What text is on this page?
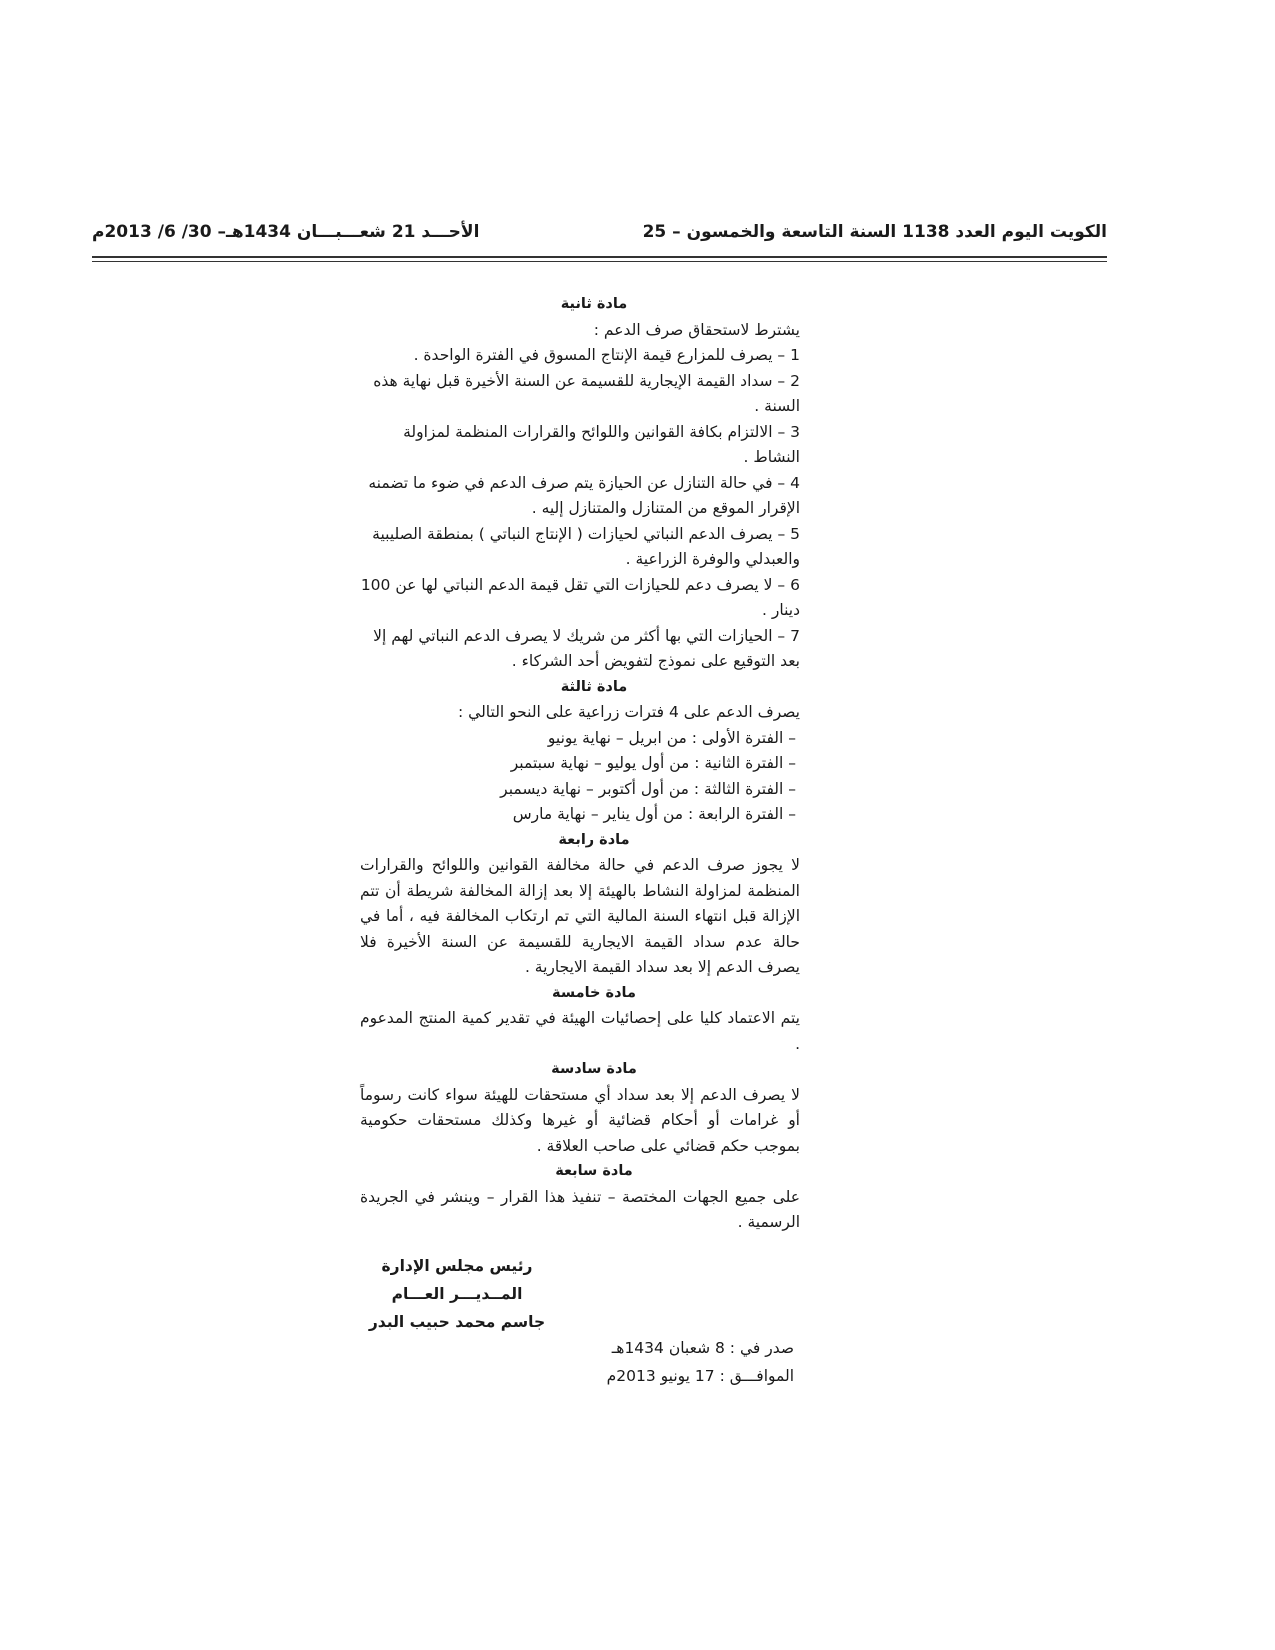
الكويت اليوم العدد 1138 السنة التاسعة والخمسون – 25
الأحـــد 21 شعـــبـــان 1434هـ– 30/ 6/ 2013م

مادة ثانية

يشترط لاستحقاق صرف الدعم :

1 – يصرف للمزارع قيمة الإنتاج المسوق في الفترة الواحدة .

2 – سداد القيمة الإيجارية للقسيمة عن السنة الأخيرة قبل نهاية هذه السنة .

3 – الالتزام بكافة القوانين واللوائح والقرارات المنظمة لمزاولة النشاط .

4 – في حالة التنازل عن الحيازة يتم صرف الدعم في ضوء ما تضمنه الإقرار الموقع من المتنازل والمتنازل إليه .

5 – يصرف الدعم النباتي لحيازات ( الإنتاج النباتي ) بمنطقة الصليبية والعبدلي والوفرة الزراعية .

6 – لا يصرف دعم للحيازات التي تقل قيمة الدعم النباتي لها عن 100 دينار .

7 – الحيازات التي بها أكثر من شريك لا يصرف الدعم النباتي لهم إلا بعد التوقيع على نموذج لتفويض أحد الشركاء .

مادة ثالثة

يصرف الدعم على 4 فترات زراعية على النحو التالي :

– الفترة الأولى : من ابريل – نهاية يونيو

– الفترة الثانية : من أول يوليو – نهاية سبتمبر

– الفترة الثالثة : من أول أكتوبر – نهاية ديسمبر

– الفترة الرابعة : من أول يناير – نهاية مارس

مادة رابعة

لا يجوز صرف الدعم في حالة مخالفة القوانين واللوائح والقرارات المنظمة لمزاولة النشاط بالهيئة إلا بعد إزالة المخالفة شريطة أن تتم الإزالة قبل انتهاء السنة المالية التي تم ارتكاب المخالفة فيه ، أما في حالة عدم سداد القيمة الايجارية للقسيمة عن السنة الأخيرة فلا يصرف الدعم إلا بعد سداد القيمة الايجارية .

مادة خامسة

يتم الاعتماد كليا على إحصائيات الهيئة في تقدير كمية المنتج المدعوم .

مادة سادسة

لا يصرف الدعم إلا بعد سداد أي مستحقات للهيئة سواء كانت رسوماً أو غرامات أو أحكام قضائية أو غيرها وكذلك مستحقات حكومية بموجب حكم قضائي على صاحب العلاقة .

مادة سابعة

على جميع الجهات المختصة – تنفيذ هذا القرار – وينشر في الجريدة الرسمية .

رئيس مجلس الإدارة
المــديـــر العـــام
جاسم محمد حبيب البدر
صدر في : 8 شعبان 1434هـ
الموافـــق : 17 يونيو 2013م
